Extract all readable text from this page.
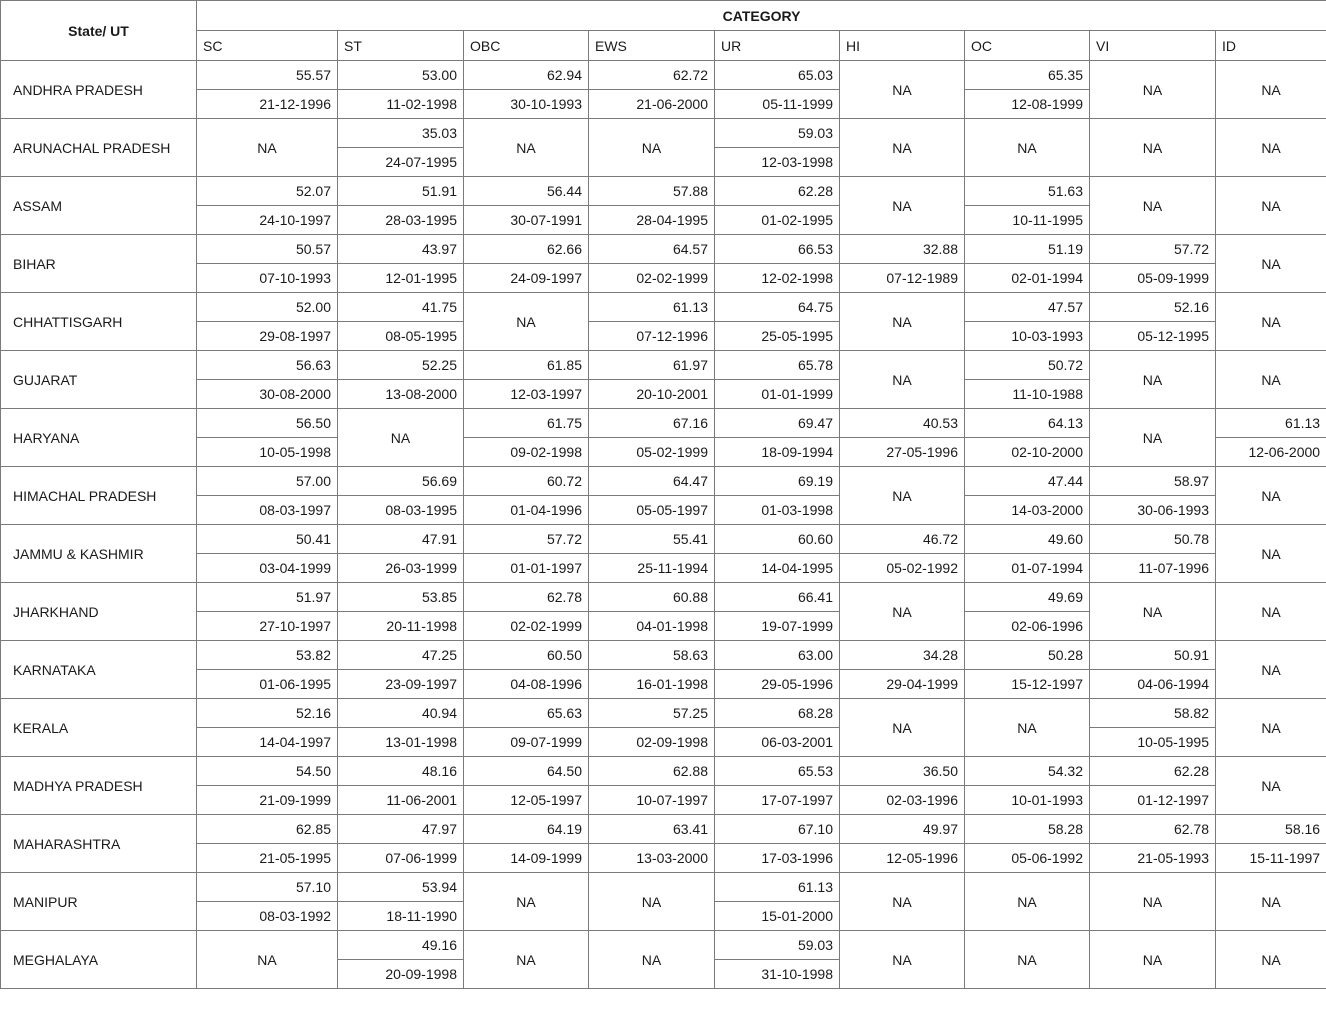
State/ UT	CATEGORY								
	SC	ST	OBC	EWS	UR	HI	OC	VI	ID
ANDHRA PRADESH	55.57	53.00	62.94	62.72	65.03	NA	65.35	NA	NA
	21-12-1996	11-02-1998	30-10-1993	21-06-2000	05-11-1999		12-08-1999		
ARUNACHAL PRADESH	NA	35.03	NA	NA	59.03	NA	NA	NA	NA
		24-07-1995			12-03-1998				
ASSAM	52.07	51.91	56.44	57.88	62.28	NA	51.63	NA	NA
	24-10-1997	28-03-1995	30-07-1991	28-04-1995	01-02-1995		10-11-1995		
BIHAR	50.57	43.97	62.66	64.57	66.53	32.88	51.19	57.72	NA
	07-10-1993	12-01-1995	24-09-1997	02-02-1999	12-02-1998	07-12-1989	02-01-1994	05-09-1999	
CHHATTISGARH	52.00	41.75	NA	61.13	64.75	NA	47.57	52.16	NA
	29-08-1997	08-05-1995		07-12-1996	25-05-1995		10-03-1993	05-12-1995	
GUJARAT	56.63	52.25	61.85	61.97	65.78	NA	50.72	NA	NA
	30-08-2000	13-08-2000	12-03-1997	20-10-2001	01-01-1999		11-10-1988		
HARYANA	56.50	NA	61.75	67.16	69.47	40.53	64.13	NA	61.13
	10-05-1998		09-02-1998	05-02-1999	18-09-1994	27-05-1996	02-10-2000		12-06-2000
HIMACHAL PRADESH	57.00	56.69	60.72	64.47	69.19	NA	47.44	58.97	NA
	08-03-1997	08-03-1995	01-04-1996	05-05-1997	01-03-1998		14-03-2000	30-06-1993	
JAMMU & KASHMIR	50.41	47.91	57.72	55.41	60.60	46.72	49.60	50.78	NA
	03-04-1999	26-03-1999	01-01-1997	25-11-1994	14-04-1995	05-02-1992	01-07-1994	11-07-1996	
JHARKHAND	51.97	53.85	62.78	60.88	66.41	NA	49.69	NA	NA
	27-10-1997	20-11-1998	02-02-1999	04-01-1998	19-07-1999		02-06-1996		
KARNATAKA	53.82	47.25	60.50	58.63	63.00	34.28	50.28	50.91	NA
	01-06-1995	23-09-1997	04-08-1996	16-01-1998	29-05-1996	29-04-1999	15-12-1997	04-06-1994	
KERALA	52.16	40.94	65.63	57.25	68.28	NA	NA	58.82	NA
	14-04-1997	13-01-1998	09-07-1999	02-09-1998	06-03-2001			10-05-1995	
MADHYA PRADESH	54.50	48.16	64.50	62.88	65.53	36.50	54.32	62.28	NA
	21-09-1999	11-06-2001	12-05-1997	10-07-1997	17-07-1997	02-03-1996	10-01-1993	01-12-1997	
MAHARASHTRA	62.85	47.97	64.19	63.41	67.10	49.97	58.28	62.78	58.16
	21-05-1995	07-06-1999	14-09-1999	13-03-2000	17-03-1996	12-05-1996	05-06-1992	21-05-1993	15-11-1997
MANIPUR	57.10	53.94	NA	NA	61.13	NA	NA	NA	NA
	08-03-1992	18-11-1990			15-01-2000				
MEGHALAYA	NA	49.16	NA	NA	59.03	NA	NA	NA	NA
		20-09-1998			31-10-1998				
